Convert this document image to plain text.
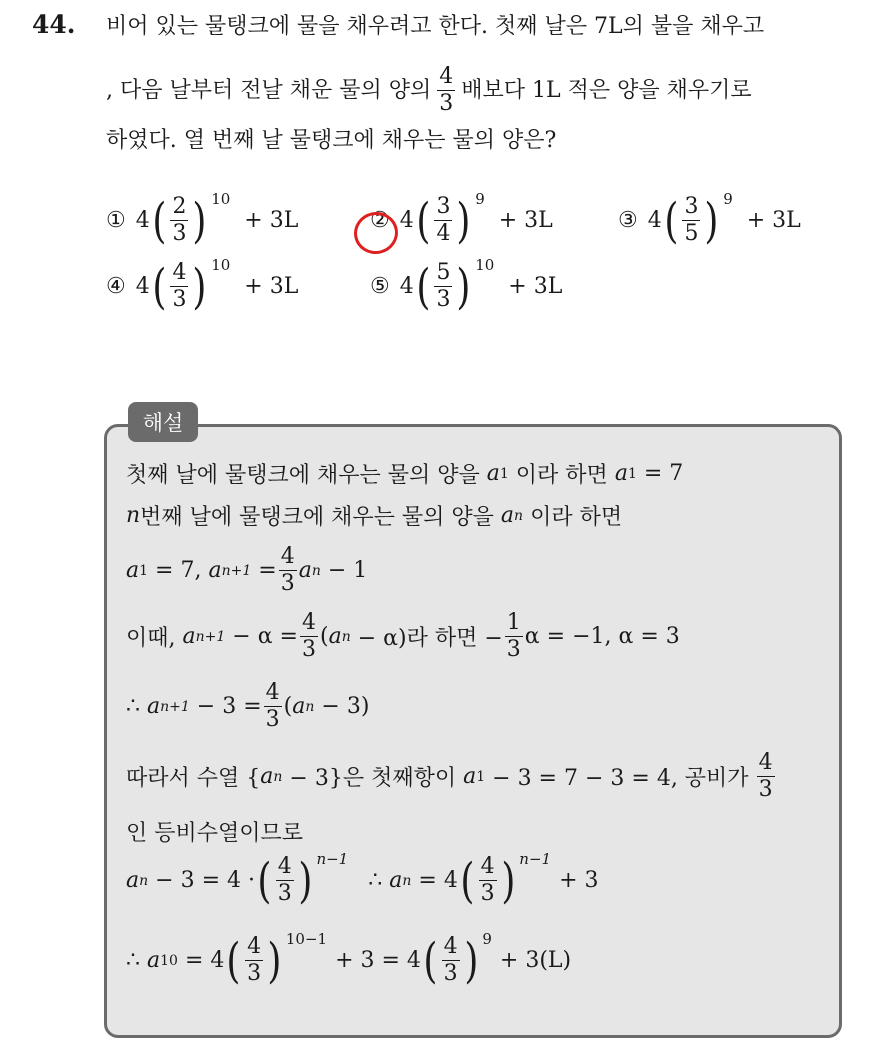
44. 비어 있는 물탱크에 물을 채우려고 한다. 첫째 날은 7L의 불을 채우고
, 다음 날부터 전날 채운 물의 양의 $\frac{4}{3}$ 배보다 1L 적은 양을 채우기로
하였다. 열 번째 날 물탱크에 채우는 물의 양은?
① 4 ( $\frac{2}{3}$ ) 10
+ 3L	② 4 ( $\frac{3}{4}$ ) 9
+ 3L	③ 4 ( $\frac{3}{5}$ ) 9
+ 3L
④ 4 ( $\frac{4}{3}$ ) 10
+ 3L	⑤ 4 ( $\frac{5}{3}$ ) 10
+ 3L
해설
첫째 날에 물탱크에 채우는 물의 양을
a 1
이라 하면
a 1
= 7
n 번째 날에 물탱크에 채우는 물의 양을
a n
이라 하면
a 1
= 7,
a n+1
= $\frac{4}{3}$ a n
− 1
이때,
a n+1
− $\alpha = \frac{4}{3}$ ( a n
− α)라 하면 − $\frac{1}{3}$ α = −1, α = 3
∴
a n+1
− $3 = \frac{4}{3}$ ( a n
− 3)
따라서 수열 { a n
− 3}은 첫째항이
a 1
− 3 = 7 − 3 = 4, 공비가 $\frac{4}{3}$
인 등비수열이므로
a n
− 3 = 4 · ( $\frac{4}{3}$ ) n−1
∴
a n
= 4 ( $\frac{4}{3}$ ) n−1
+ 3
∴
a 10
= 4 ( $\frac{4}{3}$ ) 10−1
+ 3 = 4 ( $\frac{4}{3}$ ) 9
+ 3(L)
